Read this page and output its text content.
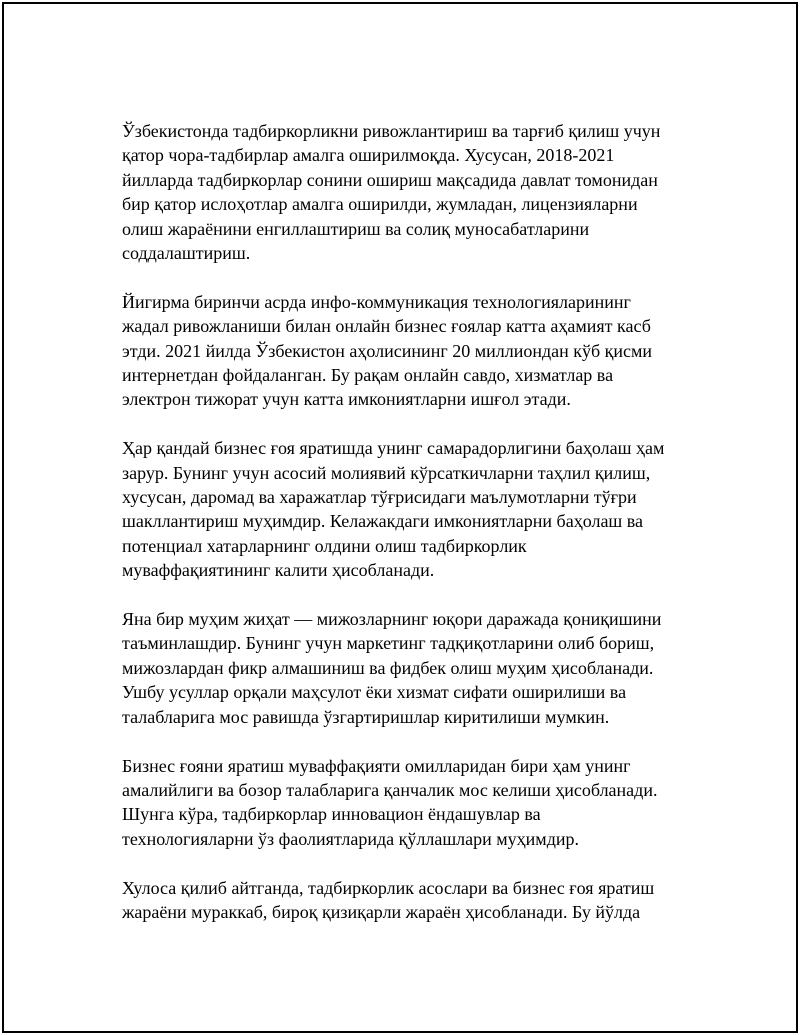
Ўзбекистонда тадбиркорликни ривожлантириш ва тарғиб қилиш учун
қатор чора-тадбирлар амалга оширилмоқда. Хусусан, 2018-2021
йилларда тадбиркорлар сонини ошириш мақсадида давлат томонидан
бир қатор ислоҳотлар амалга оширилди, жумладан, лицензияларни
олиш жараёнини енгиллаштириш ва солиқ муносабатларини
соддалаштириш.

Йигирма биринчи асрда инфо-коммуникация технологияларининг
жадал ривожланиши билан онлайн бизнес ғоялар катта аҳамият касб
этди. 2021 йилда Ўзбекистон аҳолисининг 20 миллиондан кўб қисми
интернетдан фойдаланган. Бу рақам онлайн савдо, хизматлар ва
электрон тижорат учун катта имкониятларни ишғол этади.

Ҳар қандай бизнес ғоя яратишда унинг самарадорлигини баҳолаш ҳам
зарур. Бунинг учун асосий молиявий кўрсаткичларни таҳлил қилиш,
хусусан, даромад ва харажатлар тўғрисидаги маълумотларни тўғри
шакллантириш муҳимдир. Келажакдаги имкониятларни баҳолаш ва
потенциал хатарларнинг олдини олиш тадбиркорлик
муваффақиятининг калити ҳисобланади.

Яна бир муҳим жиҳат — мижозларнинг юқори даражада қониқишини
таъминлашдир. Бунинг учун маркетинг тадқиқотларини олиб бориш,
мижозлардан фикр алмашиниш ва фидбек олиш муҳим ҳисобланади.
Ушбу усуллар орқали маҳсулот ёки хизмат сифати оширилиши ва
талабларига мос равишда ўзгартиришлар киритилиши мумкин.

Бизнес ғояни яратиш муваффақияти омилларидан бири ҳам унинг
амалийлиги ва бозор талабларига қанчалик мос келиши ҳисобланади.
Шунга кўра, тадбиркорлар инновацион ёндашувлар ва
технологияларни ўз фаолиятларида қўллашлари муҳимдир.

Хулоса қилиб айтганда, тадбиркорлик асослари ва бизнес ғоя яратиш
жараёни мураккаб, бироқ қизиқарли жараён ҳисобланади. Бу йўлда
